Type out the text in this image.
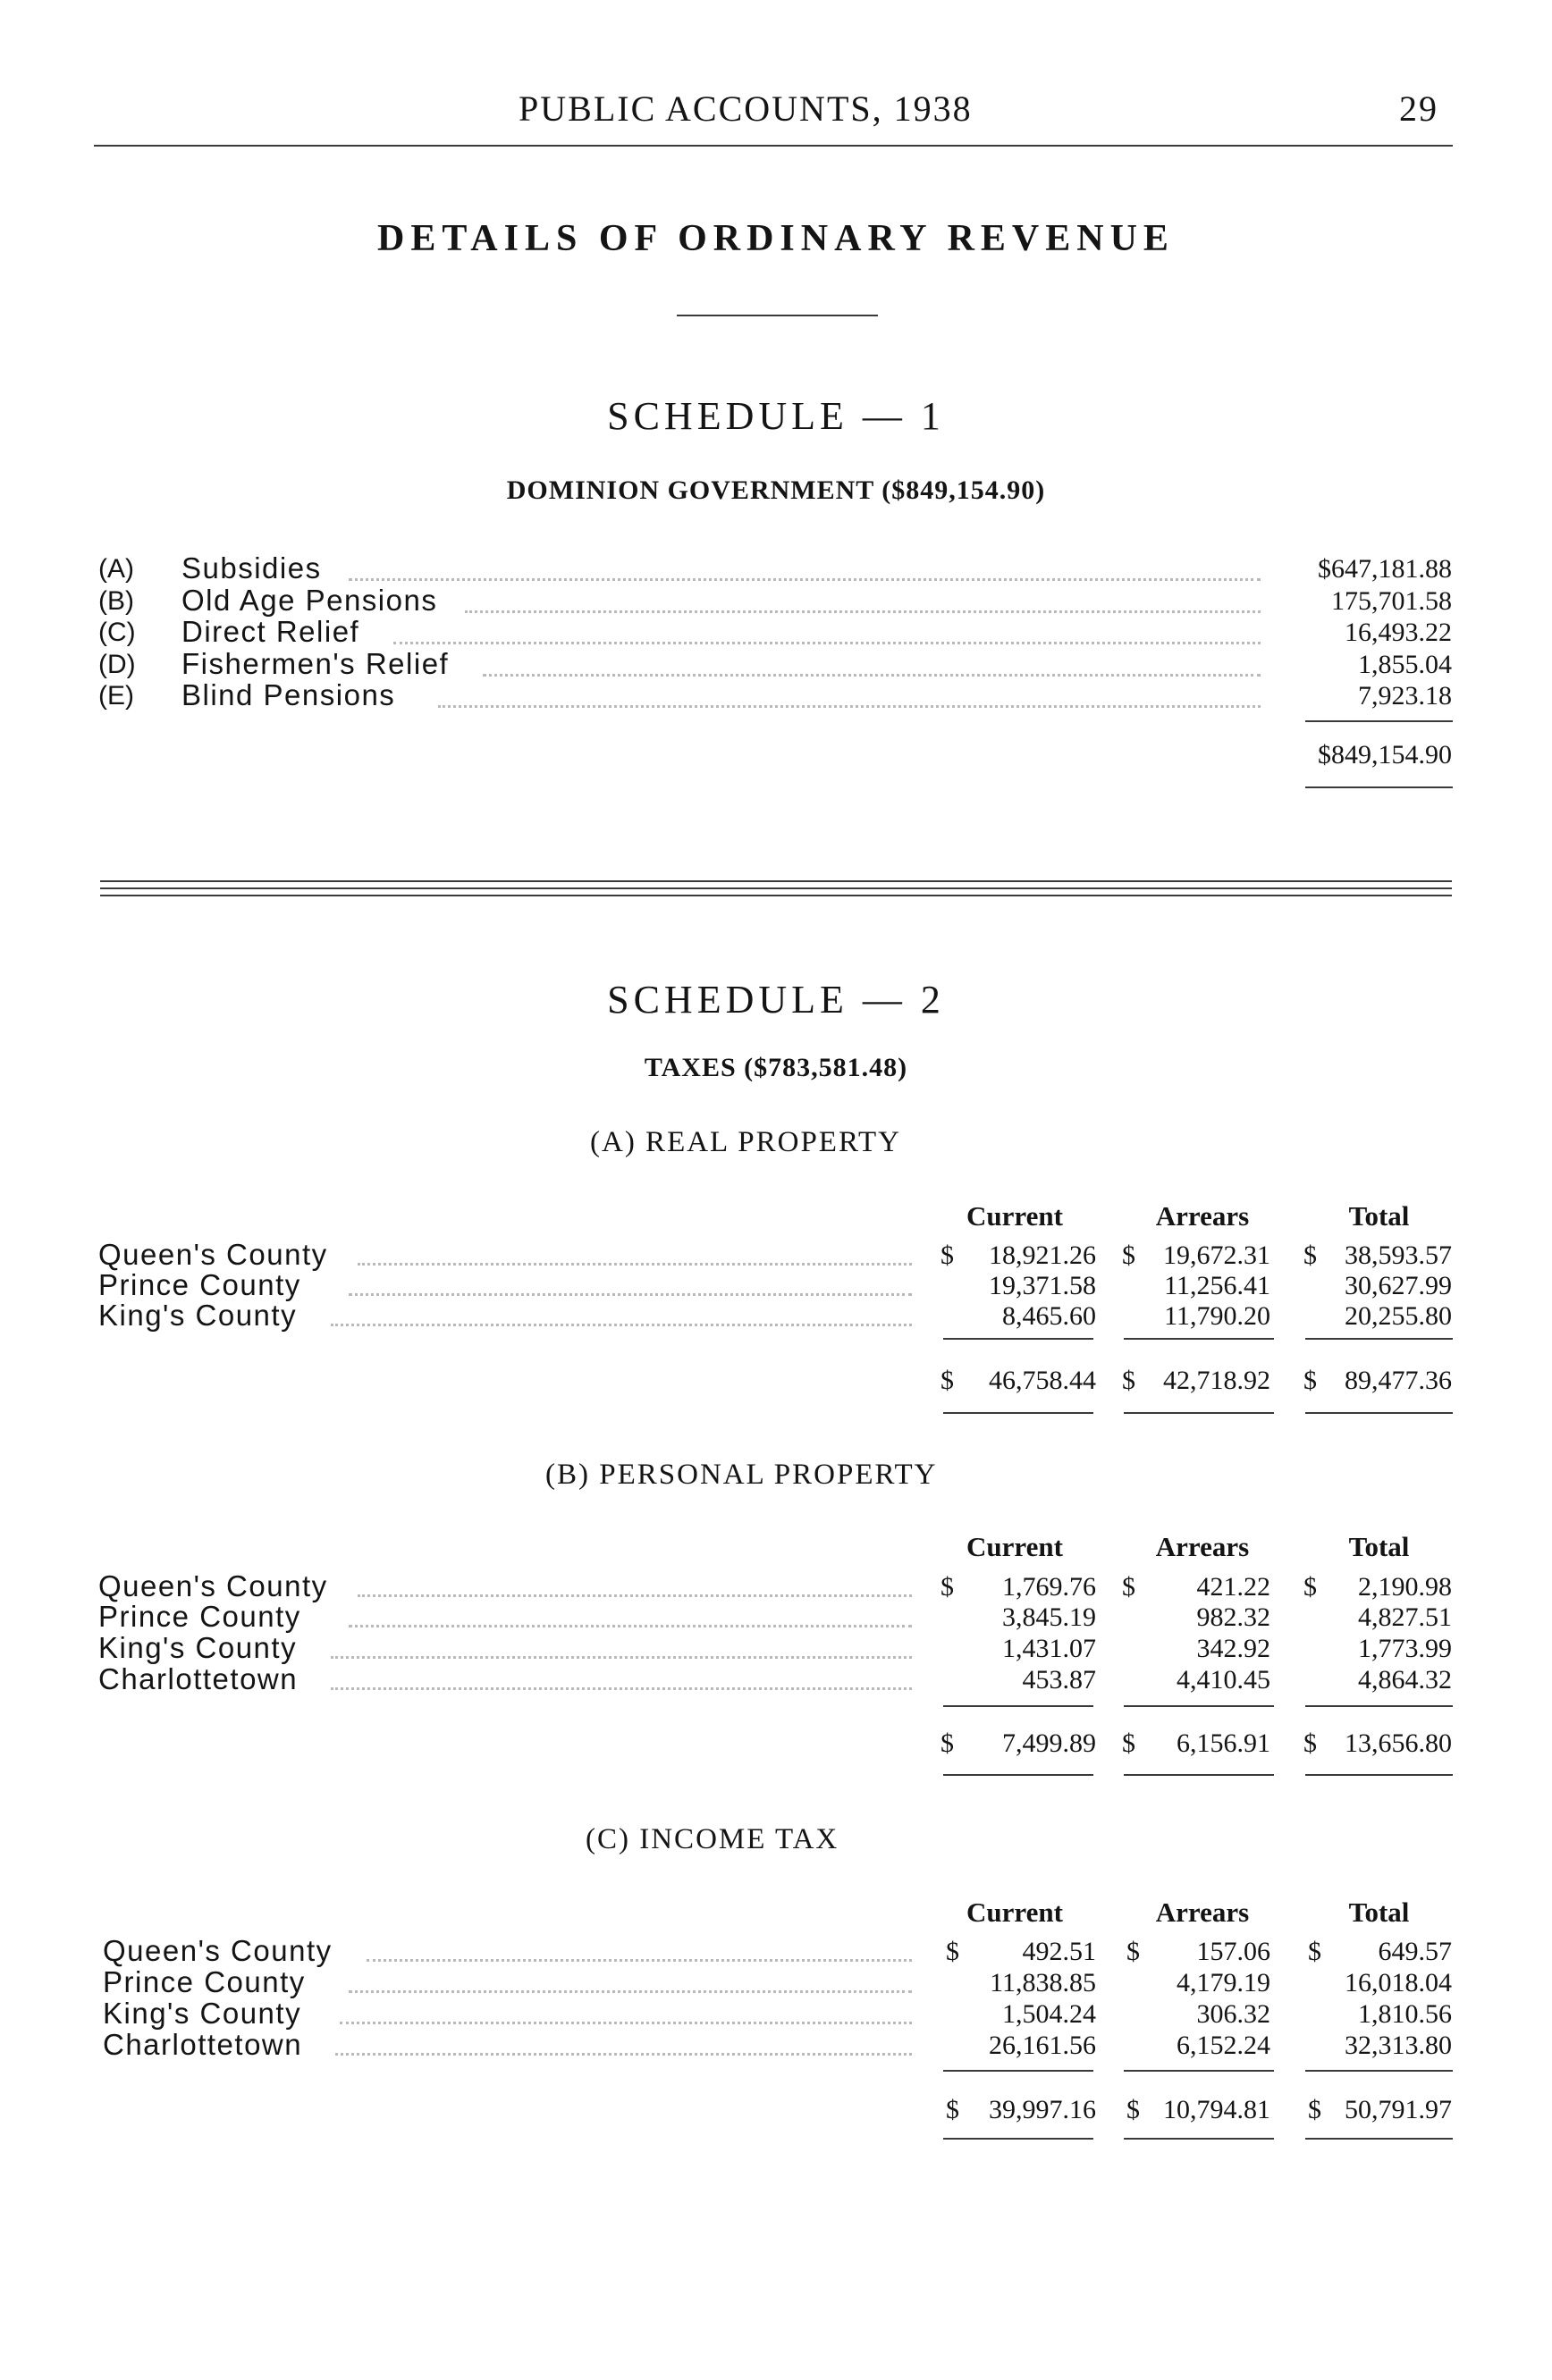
PUBLIC ACCOUNTS, 1938	29
DETAILS OF ORDINARY REVENUE
SCHEDULE — 1
DOMINION GOVERNMENT ($849,154.90)
(A) Subsidies	$647,181.88
(B) Old Age Pensions	175,701.58
(C) Direct Relief	16,493.22
(D) Fishermen's Relief	1,855.04
(E) Blind Pensions	7,923.18
$849,154.90
SCHEDULE — 2
TAXES ($783,581.48)
(A) REAL PROPERTY
Current	Arrears	Total
Queen's County	$ 18,921.26 $ 19,672.31 $ 38,593.57
Prince County	19,371.58	11,256.41	30,627.99
King's County	8,465.60	11,790.20	20,255.80
$ 46,758.44 $ 42,718.92 $ 89,477.36
(B) PERSONAL PROPERTY
Current	Arrears	Total
Queen's County	$ 1,769.76 $ 421.22 $ 2,190.98
Prince County	3,845.19	982.32	4,827.51
King's County	1,431.07	342.92	1,773.99
Charlottetown	453.87	4,410.45	4,864.32
$ 7,499.89 $ 6,156.91 $ 13,656.80
(C) INCOME TAX
Current	Arrears	Total
Queen's County	$ 492.51 $ 157.06 $ 649.57
Prince County	11,838.85	4,179.19	16,018.04
King's County	1,504.24	306.32	1,810.56
Charlottetown	26,161.56	6,152.24	32,313.80
$ 39,997.16 $ 10,794.81 $ 50,791.97
